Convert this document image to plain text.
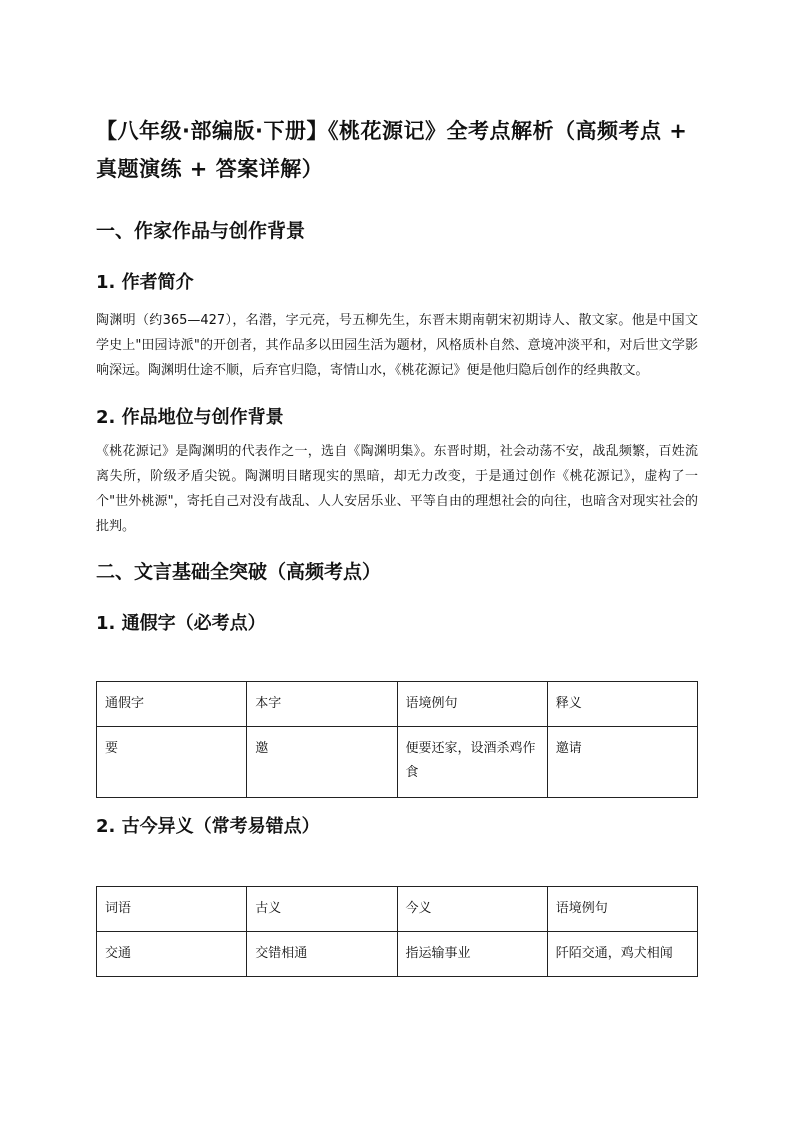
【八年级·部编版·下册】《桃花源记》全考点解析（高频考点 + 真题演练 + 答案详解）
一、作家作品与创作背景
1. 作者简介

陶渊明（约365—427），名潜，字元亮，号五柳先生，东晋末期南朝宋初期诗人、散文家。他是中国文学史上"田园诗派"的开创者，其作品多以田园生活为题材，风格质朴自然、意境冲淡平和，对后世文学影响深远。陶渊明仕途不顺，后弃官归隐，寄情山水，《桃花源记》便是他归隐后创作的经典散文。

2. 作品地位与创作背景

《桃花源记》是陶渊明的代表作之一，选自《陶渊明集》。东晋时期，社会动荡不安，战乱频繁，百姓流离失所，阶级矛盾尖锐。陶渊明目睹现实的黑暗，却无力改变，于是通过创作《桃花源记》，虚构了一个"世外桃源"，寄托自己对没有战乱、人人安居乐业、平等自由的理想社会的向往，也暗含对现实社会的批判。

二、文言基础全突破（高频考点）
1. 通假字（必考点）
通假字	本字	语境例句	释义
要	邀	便要还家，设酒杀鸡作食	邀请
2. 古今异义（常考易错点）
词语	古义	今义	语境例句
交通	交错相通	指运输事业	阡陌交通，鸡犬相闻
